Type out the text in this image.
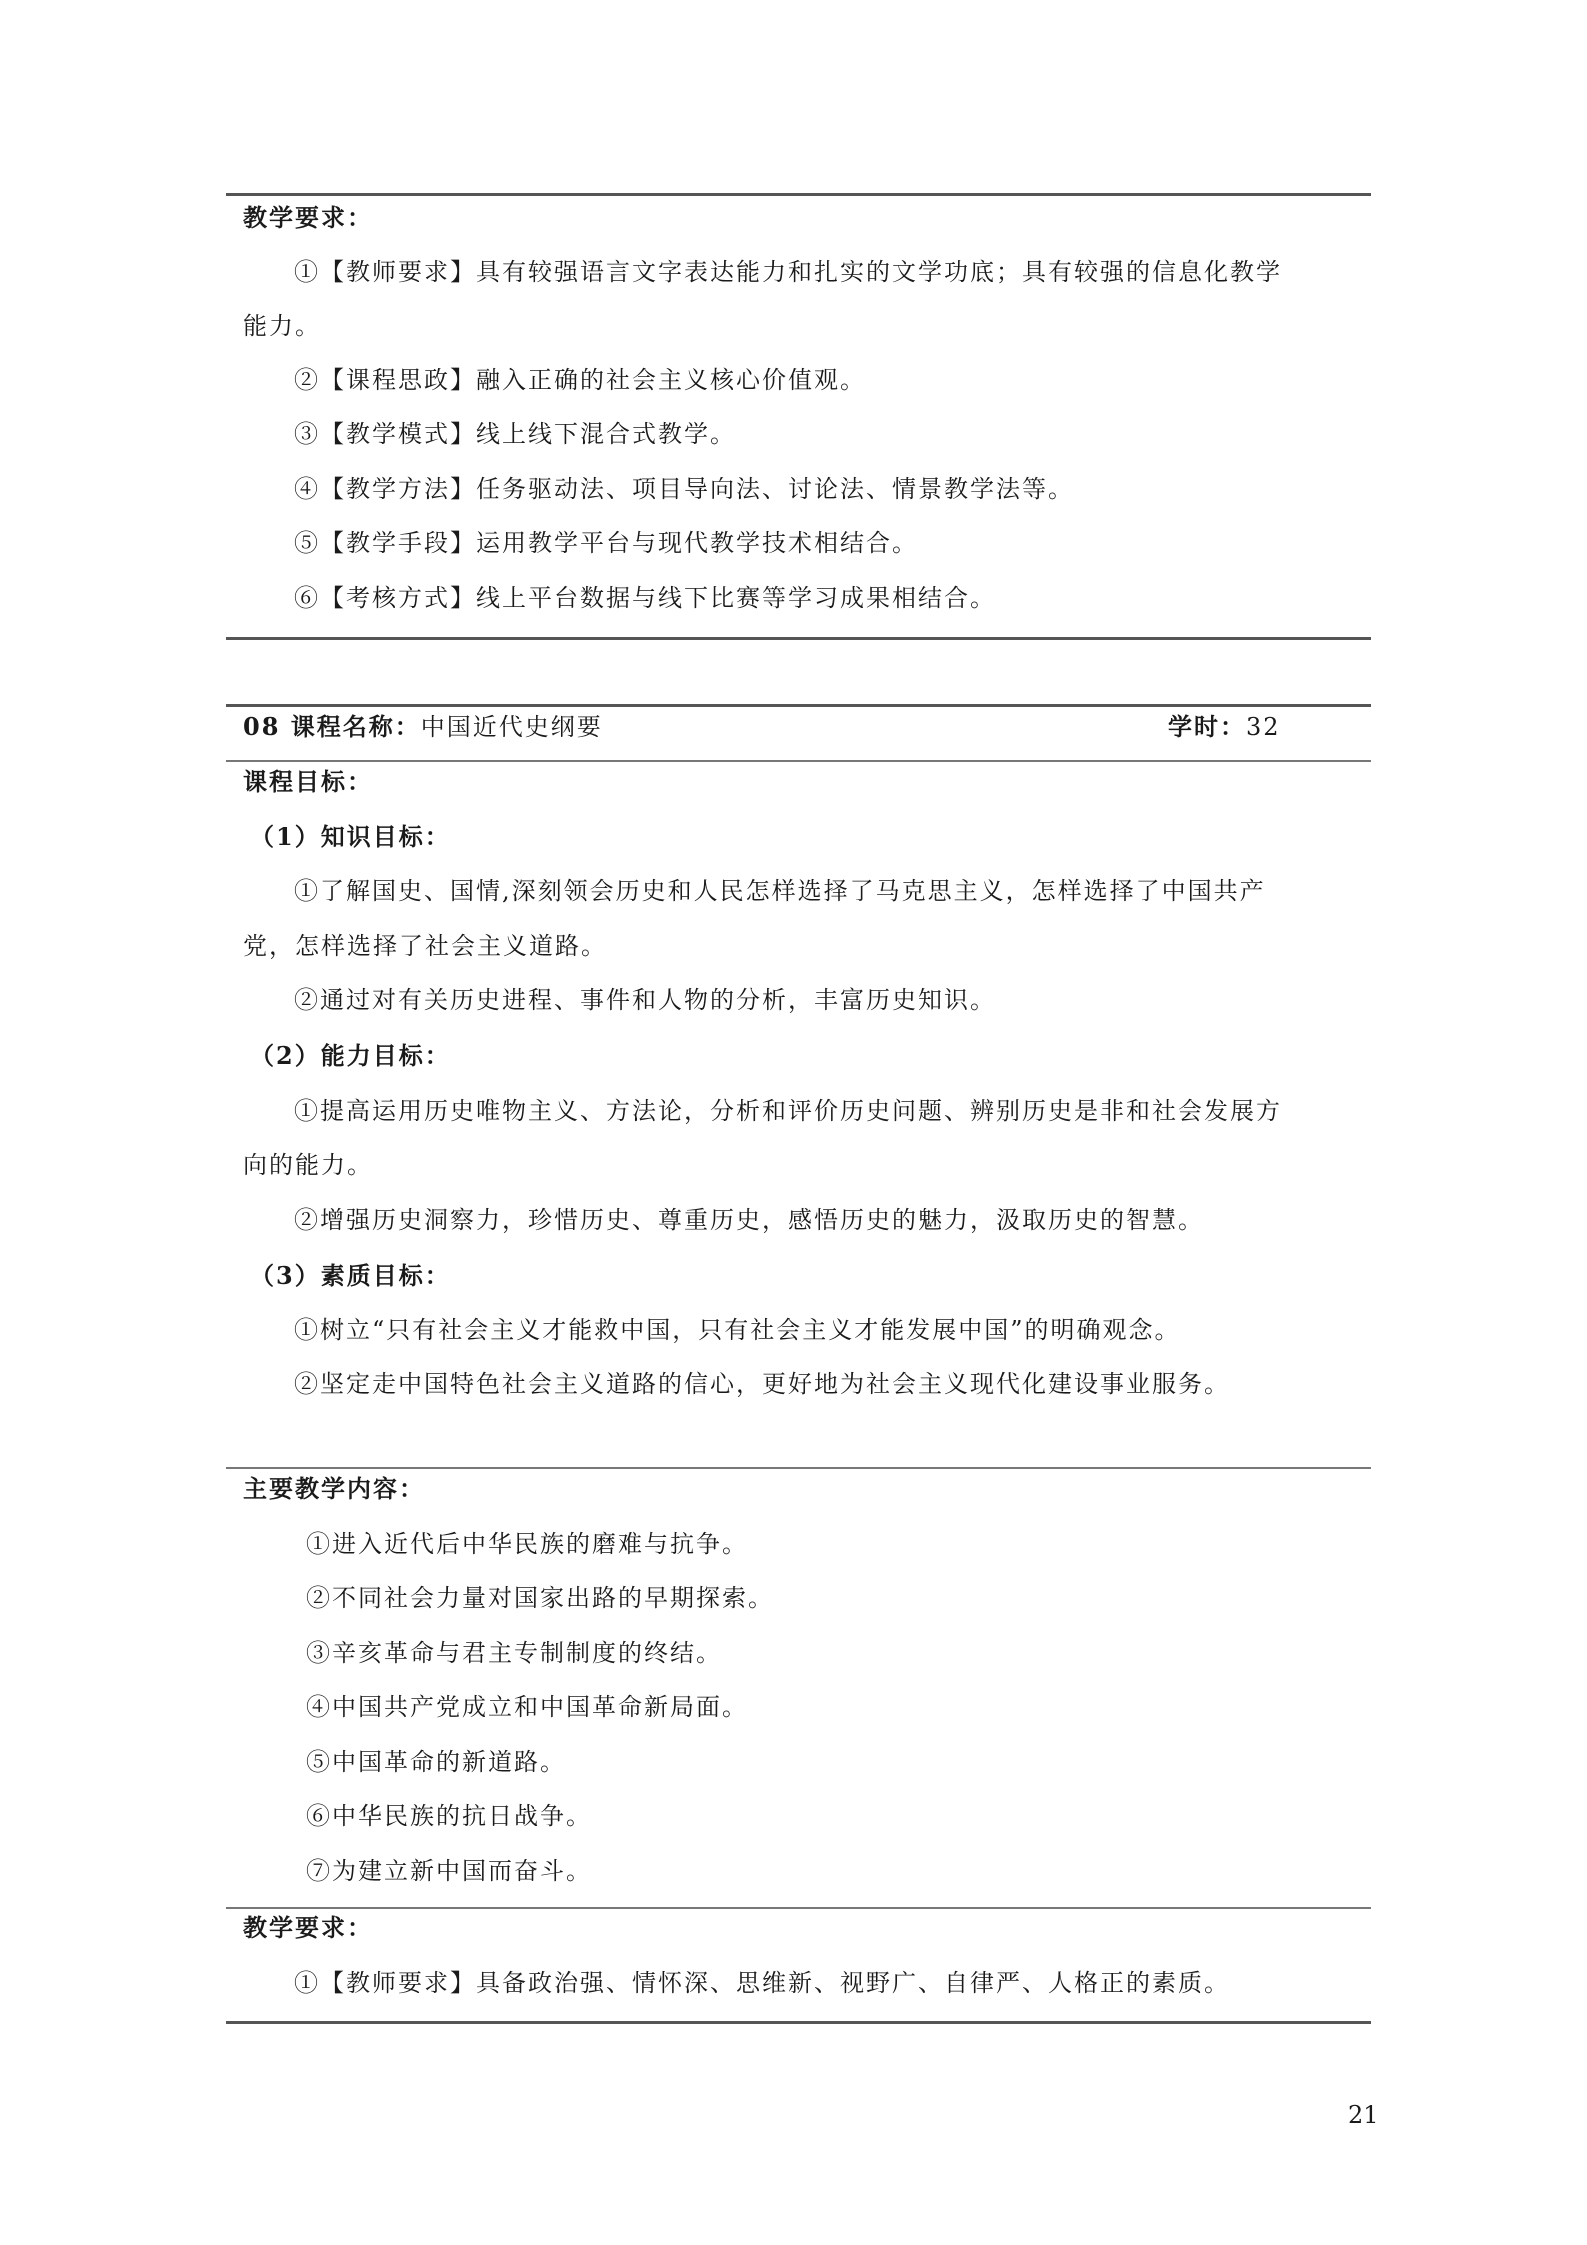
教学要求：
①【教师要求】具有较强语言文字表达能力和扎实的文学功底；具有较强的信息化教学
能力。
②【课程思政】融入正确的社会主义核心价值观。
③【教学模式】线上线下混合式教学。
④【教学方法】任务驱动法、项目导向法、讨论法、情景教学法等。
⑤【教学手段】运用教学平台与现代教学技术相结合。
⑥【考核方式】线上平台数据与线下比赛等学习成果相结合。
08 课程名称：中国近代史纲要	学时：32
课程目标：
（1）知识目标：
①了解国史、国情,深刻领会历史和人民怎样选择了马克思主义，怎样选择了中国共产
党，怎样选择了社会主义道路。
②通过对有关历史进程、事件和人物的分析，丰富历史知识。
（2）能力目标：
①提高运用历史唯物主义、方法论，分析和评价历史问题、辨别历史是非和社会发展方
向的能力。
②增强历史洞察力，珍惜历史、尊重历史，感悟历史的魅力，汲取历史的智慧。
（3）素质目标：
①树立“只有社会主义才能救中国，只有社会主义才能发展中国”的明确观念。
②坚定走中国特色社会主义道路的信心，更好地为社会主义现代化建设事业服务。
主要教学内容：
①进入近代后中华民族的磨难与抗争。
②不同社会力量对国家出路的早期探索。
③辛亥革命与君主专制制度的终结。
④中国共产党成立和中国革命新局面。
⑤中国革命的新道路。
⑥中华民族的抗日战争。
⑦为建立新中国而奋斗。
教学要求：
①【教师要求】具备政治强、情怀深、思维新、视野广、自律严、人格正的素质。
21
